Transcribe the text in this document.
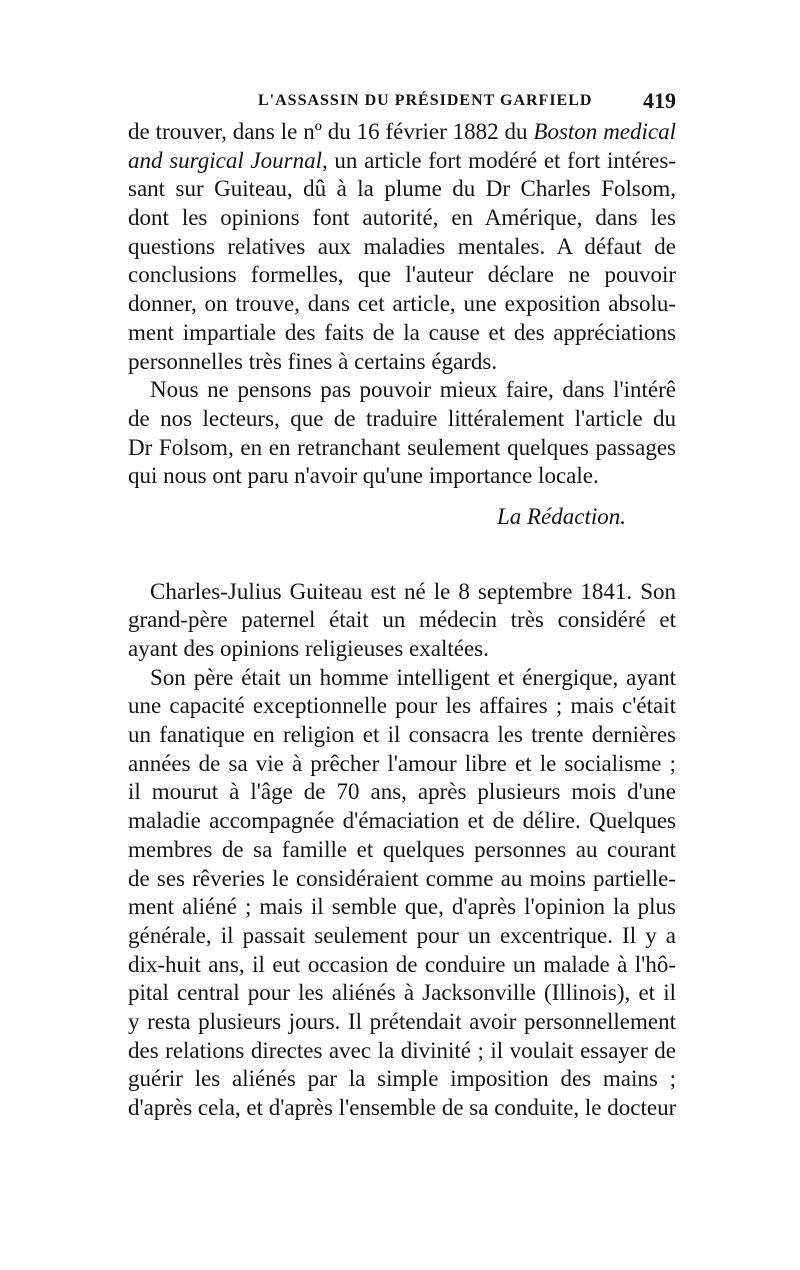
L'ASSASSIN DU PRÉSIDENT GARFIELD 419
de trouver, dans le nº du 16 février 1882 du Boston medical
and surgical Journal, un article fort modéré et fort intéres-
sant sur Guiteau, dû à la plume du Dr Charles Folsom,
dont les opinions font autorité, en Amérique, dans les
questions relatives aux maladies mentales. A défaut de
conclusions formelles, que l'auteur déclare ne pouvoir
donner, on trouve, dans cet article, une exposition absolu-
ment impartiale des faits de la cause et des appréciations
personnelles très fines à certains égards.
Nous ne pensons pas pouvoir mieux faire, dans l'intérê
de nos lecteurs, que de traduire littéralement l'article du
Dr Folsom, en en retranchant seulement quelques passages
qui nous ont paru n'avoir qu'une importance locale.
La Rédaction.
Charles-Julius Guiteau est né le 8 septembre 1841. Son
grand-père paternel était un médecin très considéré et
ayant des opinions religieuses exaltées.
Son père était un homme intelligent et énergique, ayant
une capacité exceptionnelle pour les affaires ; mais c'était
un fanatique en religion et il consacra les trente dernières
années de sa vie à prêcher l'amour libre et le socialisme ;
il mourut à l'âge de 70 ans, après plusieurs mois d'une
maladie accompagnée d'émaciation et de délire. Quelques
membres de sa famille et quelques personnes au courant
de ses rêveries le considéraient comme au moins partielle-
ment aliéné ; mais il semble que, d'après l'opinion la plus
générale, il passait seulement pour un excentrique. Il y a
dix-huit ans, il eut occasion de conduire un malade à l'hô-
pital central pour les aliénés à Jacksonville (Illinois), et il
y resta plusieurs jours. Il prétendait avoir personnellement
des relations directes avec la divinité ; il voulait essayer de
guérir les aliénés par la simple imposition des mains ;
d'après cela, et d'après l'ensemble de sa conduite, le docteur
